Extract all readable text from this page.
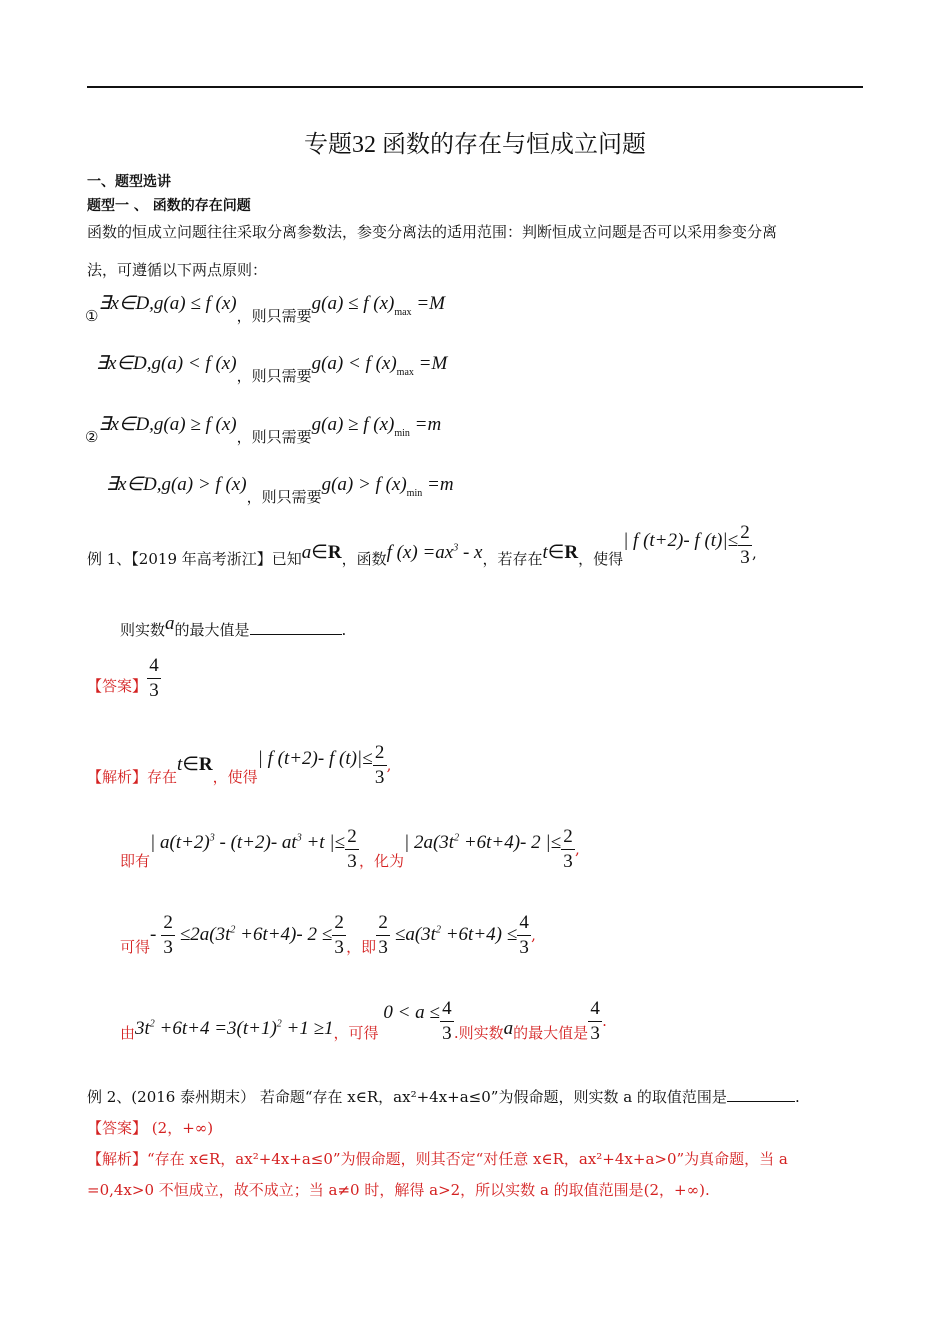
专题32 函数的存在与恒成立问题
一、题型选讲
题型一 、 函数的存在问题
函数的恒成立问题往往采取分离参数法，参变分离法的适用范围：判断恒成立问题是否可以采用参变分离
法，可遵循以下两点原则：
①∃x∈D,g(a) ≤ f (x)，则只需要g(a) ≤ f $(x)_{max} =M$
∃x∈D,g(a) < f (x)，则只需要g(a) < f $(x)_{max} =M$
②∃x∈D,g(a) ≥ f (x)，则只需要g(a) ≥ f $(x)_{min} =m$
∃x∈D,g(a) > f (x)，则只需要g(a) > f $(x)_{min} =m$
例 1、【2019 年高考浙江】已知a∈R，函数f $(x) =ax^3 - x$，若存在t∈R，使得| f (t+2)- f $(t)|\le \frac{2}{3}$ ,
则实数a的最大值是	.
【答案】 $\frac{4}{3}$
【解析】存在t∈R，使得| f (t+2)- f $(t)|\le \frac{2}{3}$ ,
即有| $a(t+2)^3 - (t+2)-$ $at^3 +t$ |≤ $\frac{2}{3}$ ，化为| $2a(3t^2 +6t+4)-$ 2 |≤ $\frac{2}{3}$ ,
可得- $\frac{2}{3} \le 2a(3t^2 +6t+4)-$ $2 \le \frac{2}{3}$ ，即 $\frac{2}{3} \le a(3t^2 +6t+4) \le \frac{4}{3}$ ,
由$3t^2 +6t+4 =3(t+1)^2 +1 \ge 1$，可得 $0 < a \le \frac{4}{3}$ .则实数a的最大值是 $\frac{4}{3}$ .
例 2、(2016 泰州期末） 若命题“存在 x∈R，ax²+4x+a≤0”为假命题，则实数 a 的取值范围是	.
【答案】 (2，+∞)
【解析】“存在 x∈R，ax²+4x+a≤0”为假命题，则其否定“对任意 x∈R，ax²+4x+a>0”为真命题，当 a
=0,4x>0 不恒成立，故不成立；当 a≠0 时，解得 a>2，所以实数 a 的取值范围是(2，+∞).
